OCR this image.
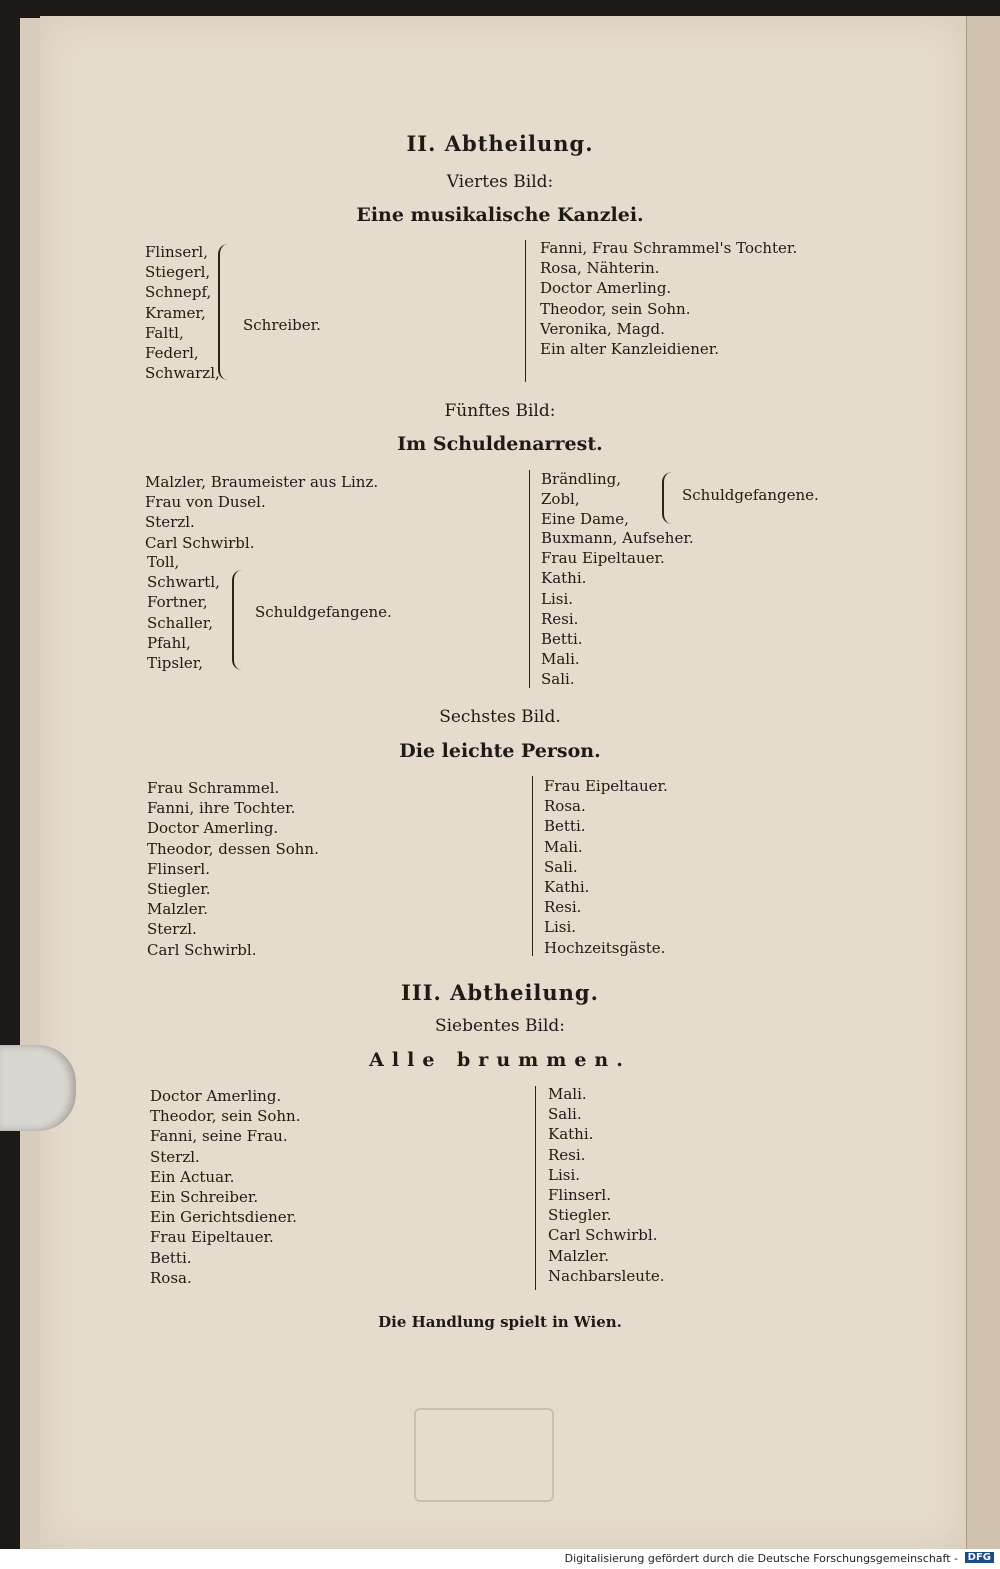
II. Abtheilung.
Viertes Bild:
Eine musikalische Kanzlei.
Flinserl,
Stiegerl,
Schnepf,
Kramer,
Faltl,
Federl,
Schwarzl,
Schreiber.
Fanni, Frau Schrammel's Tochter.
Rosa, Nähterin.
Doctor Amerling.
Theodor, sein Sohn.
Veronika, Magd.
Ein alter Kanzleidiener.
Fünftes Bild:
Im Schuldenarrest.
Malzler, Braumeister aus Linz.
Frau von Dusel.
Sterzl.
Carl Schwirbl.
Toll,
Schwartl,
Fortner,
Schaller,
Pfahl,
Tipsler,
Schuldgefangene.
Brändling,
Zobl,
Eine Dame,
Schuldgefangene.
Buxmann, Aufseher.
Frau Eipeltauer.
Kathi.
Lisi.
Resi.
Betti.
Mali.
Sali.
Sechstes Bild.
Die leichte Person.
Frau Schrammel.
Fanni, ihre Tochter.
Doctor Amerling.
Theodor, dessen Sohn.
Flinserl.
Stiegler.
Malzler.
Sterzl.
Carl Schwirbl.
Frau Eipeltauer.
Rosa.
Betti.
Mali.
Sali.
Kathi.
Resi.
Lisi.
Hochzeitsgäste.
III. Abtheilung.
Siebentes Bild:
Alle brummen.
Doctor Amerling.
Theodor, sein Sohn.
Fanni, seine Frau.
Sterzl.
Ein Actuar.
Ein Schreiber.
Ein Gerichtsdiener.
Frau Eipeltauer.
Betti.
Rosa.
Mali.
Sali.
Kathi.
Resi.
Lisi.
Flinserl.
Stiegler.
Carl Schwirbl.
Malzler.
Nachbarsleute.
Die Handlung spielt in Wien.
Digitalisierung gefördert durch die Deutsche Forschungsgemeinschaft - DFG
